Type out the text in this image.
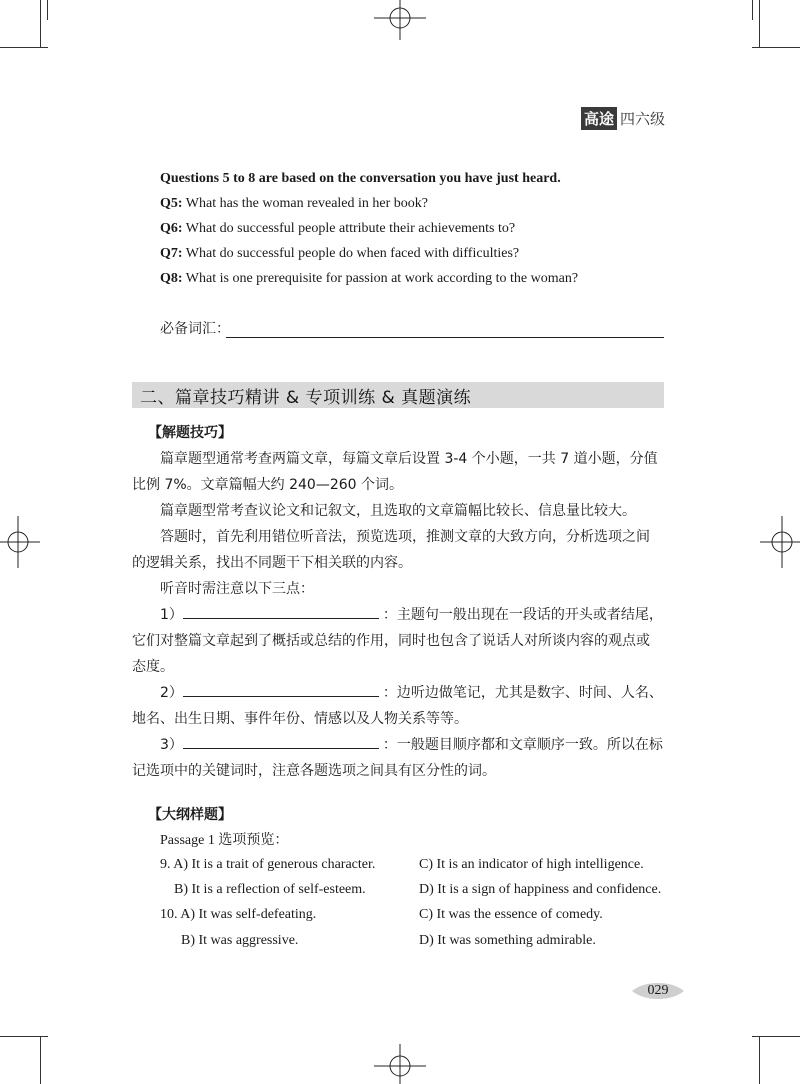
高途 四六级
Questions 5 to 8 are based on the conversation you have just heard.
Q5: What has the woman revealed in her book?
Q6: What do successful people attribute their achievements to?
Q7: What do successful people do when faced with difficulties?
Q8: What is one prerequisite for passion at work according to the woman?
必备词汇：
二、篇章技巧精讲 & 专项训练 & 真题演练
【解题技巧】
篇章题型通常考查两篇文章，每篇文章后设置 3-4 个小题，一共 7 道小题，分值
比例 7%。文章篇幅大约 240—260 个词。
篇章题型常考查议论文和记叙文，且选取的文章篇幅比较长、信息量比较大。
答题时，首先利用错位听音法，预览选项，推测文章的大致方向，分析选项之间
的逻辑关系，找出不同题干下相关联的内容。
听音时需注意以下三点：
1）	：主题句一般出现在一段话的开头或者结尾，
它们对整篇文章起到了概括或总结的作用，同时也包含了说话人对所谈内容的观点或
态度。
2）	：边听边做笔记，尤其是数字、时间、人名、
地名、出生日期、事件年份、情感以及人物关系等等。
3）	：一般题目顺序都和文章顺序一致。所以在标
记选项中的关键词时，注意各题选项之间具有区分性的词。
【大纲样题】
Passage 1 选项预览：
9. A) It is a trait of generous character.	C) It is an indicator of high intelligence.
B) It is a reflection of self-esteem.	D) It is a sign of happiness and confidence.
10. A) It was self-defeating.	C) It was the essence of comedy.
B) It was aggressive.	D) It was something admirable.
029
